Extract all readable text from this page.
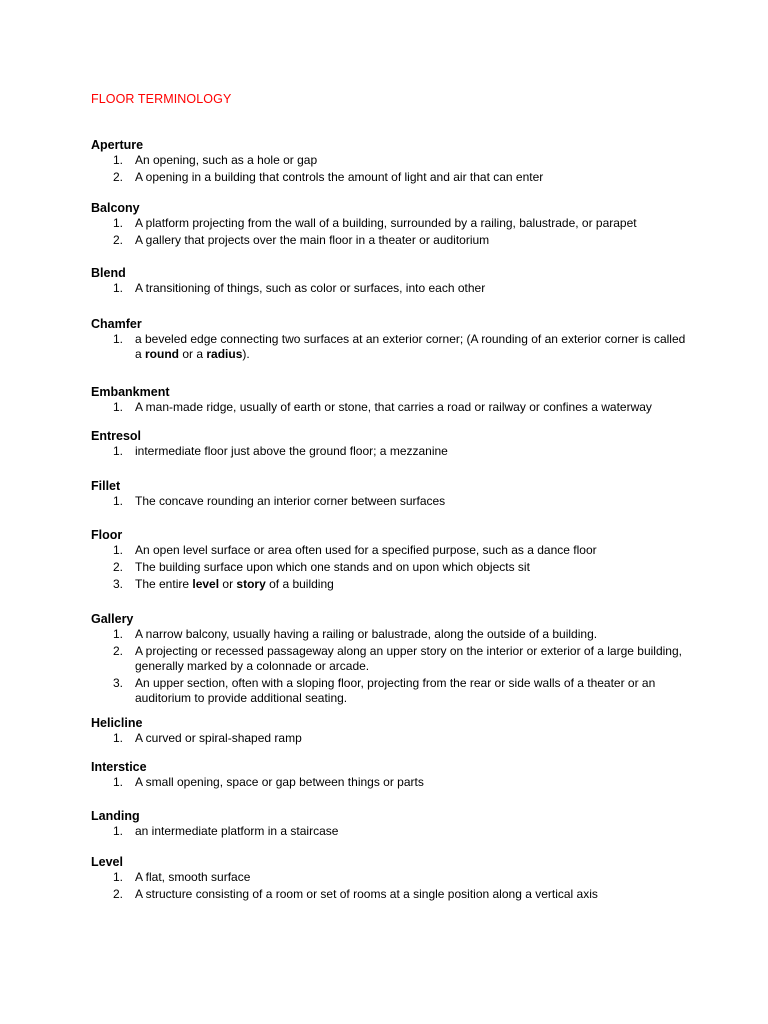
FLOOR TERMINOLOGY
Aperture
1. An opening, such as a hole or gap
2. A opening in a building that controls the amount of light and air that can enter
Balcony
1. A platform projecting from the wall of a building, surrounded by a railing, balustrade, or parapet
2. A gallery that projects over the main floor in a theater or auditorium
Blend
1. A transitioning of things, such as color or surfaces, into each other
Chamfer
1. a beveled edge connecting two surfaces at an exterior corner; (A rounding of an exterior corner is called a round or a radius).
Embankment
1. A man-made ridge, usually of earth or stone, that carries a road or railway or confines a waterway
Entresol
1. intermediate floor just above the ground floor; a mezzanine
Fillet
1. The concave rounding an interior corner between surfaces
Floor
1. An open level surface or area often used for a specified purpose, such as a dance floor
2. The building surface upon which one stands and on upon which objects sit
3. The entire level or story of a building
Gallery
1. A narrow balcony, usually having a railing or balustrade, along the outside of a building.
2. A projecting or recessed passageway along an upper story on the interior or exterior of a large building, generally marked by a colonnade or arcade.
3. An upper section, often with a sloping floor, projecting from the rear or side walls of a theater or an auditorium to provide additional seating.
Helicline
1. A curved or spiral-shaped ramp
Interstice
1. A small opening, space or gap between things or parts
Landing
1. an intermediate platform in a staircase
Level
1. A flat, smooth surface
2. A structure consisting of a room or set of rooms at a single position along a vertical axis
